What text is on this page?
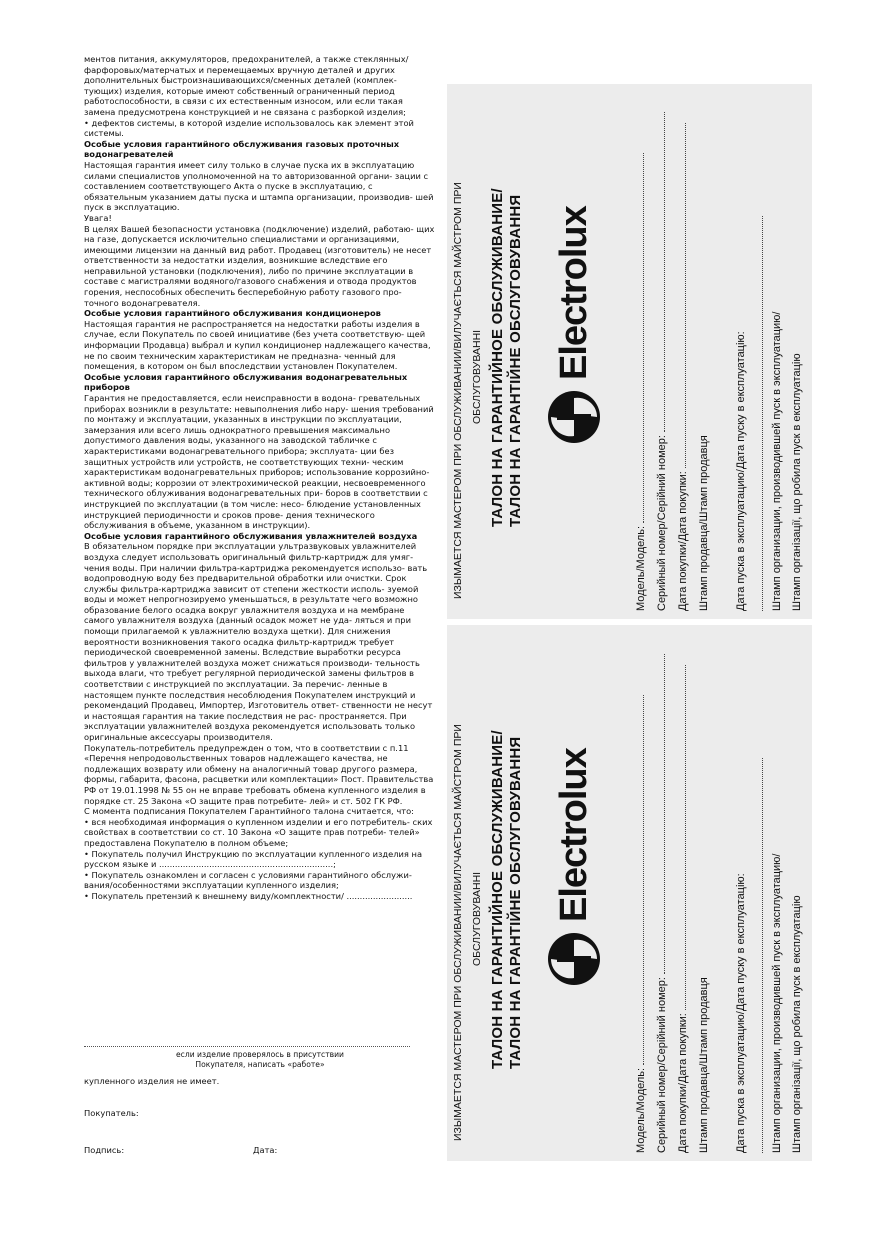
ментов питания, аккумуляторов, предохранителей, а также стеклянных/ фарфоровых/матерчатых и перемещаемых вручную деталей и других дополнительных быстроизнашивающихся/сменных деталей (комплек- тующих) изделия, которые имеют собственный ограниченный период работоспособности, в связи с их естественным износом, или если такая замена предусмотрена конструкцией и не связана с разборкой изделия;

• дефектов системы, в которой изделие использовалось как элемент этой системы.

Особые условия гарантийного обслуживания газовых проточных водонагревателей

Настоящая гарантия имеет силу только в случае пуска их в эксплуатацию силами специалистов уполномоченной на то авторизованной органи- зации с составлением соответствующего Акта о пуске в эксплуатацию, с обязательным указанием даты пуска и штампа организации, производив- шей пуск в эксплуатацию.

Увага!

В целях Вашей безопасности установка (подключение) изделий, работаю- щих на газе, допускается исключительно специалистами и организациями, имеющими лицензии на данный вид работ. Продавец (изготовитель) не несет ответственности за недостатки изделия, возникшие вследствие его неправильной установки (подключения), либо по причине эксплуатации в составе с магистралями водяного/газового снабжения и отвода продуктов горения, неспособных обеспечить бесперебойную работу газового про- точного водонагревателя.

Особые условия гарантийного обслуживания кондиционеров

Настоящая гарантия не распространяется на недостатки работы изделия в случае, если Покупатель по своей инициативе (без учета соответствую- щей информации Продавца) выбрал и купил кондиционер надлежащего качества, не по своим техническим характеристикам не предназна- ченный для помещения, в котором он был впоследствии установлен Покупателем.

Особые условия гарантийного обслуживания водонагревательных приборов

Гарантия не предоставляется, если неисправности в водона- гревательных приборах возникли в результате: невыполнения либо нару- шения требований по монтажу и эксплуатации, указанных в инструкции по эксплуатации, замерзания или всего лишь однократного превышения максимально допустимого давления воды, указанного на заводской табличке с характеристиками водонагревательного прибора; эксплуата- ции без защитных устройств или устройств, не соответствующих техни- ческим характеристикам водонагревательных приборов; использование коррозийно-активной воды; коррозии от электрохимической реакции, несвоевременного технического облуживания водонагревательных при- боров в соответствии с инструкцией по эксплуатации (в том числе: несо- блюдение установленных инструкцией периодичности и сроков прове- дения технического обслуживания в объеме, указанном в инструкции).

Особые условия гарантийного обслуживания увлажнителей воздуха

В обязательном порядке при эксплуатации ультразвуковых увлажнителей воздуха следует использовать оригинальный фильтр-картридж для умяг- чения воды. При наличии фильтра-картриджа рекомендуется использо- вать водопроводную воду без предварительной обработки или очистки. Срок службы фильтра-картриджа зависит от степени жесткости исполь- зуемой воды и может непрогнозируемо уменьшаться, в результате чего возможно образование белого осадка вокруг увлажнителя воздуха и на мембране самого увлажнителя воздуха (данный осадок может не уда- ляться и при помощи прилагаемой к увлажнителю воздуха щетки). Для снижения вероятности возникновения такого осадка фильтр-картридж требует периодической своевременной замены. Вследствие выработки ресурса фильтров у увлажнителей воздуха может снижаться производи- тельность выхода влаги, что требует регулярной периодической замены фильтров в соответствии с инструкцией по эксплуатации. За перечис- ленные в настоящем пункте последствия несоблюдения Покупателем инструкций и рекомендаций Продавец, Импортер, Изготовитель ответ- ственности не несут и настоящая гарантия на такие последствия не рас- пространяется. При эксплуатации увлажнителей воздуха рекомендуется использовать только оригинальные аксессуары производителя.

Покупатель-потребитель предупрежден о том, что в соответствии с п.11 «Перечня непродовольственных товаров надлежащего качества, не подлежащих возврату или обмену на аналогичный товар другого размера, формы, габарита, фасона, расцветки или комплектации» Пост. Правительства РФ от 19.01.1998 № 55 он не вправе требовать обмена купленного изделия в порядке ст. 25 Закона «О защите прав потребите- лей» и ст. 502 ГК РФ.

С момента подписания Покупателем Гарантийного талона считается, что:

• вся необходимая информация о купленном изделии и его потребитель- ских свойствах в соответствии со ст. 10 Закона «О защите прав потреби- телей» предоставлена Покупателю в полном объеме;

• Покупатель получил Инструкцию по эксплуатации купленного изделия на русском языке и ..................................................................;

• Покупатель ознакомлен и согласен с условиями гарантийного обслужи- вания/особенностями эксплуатации купленного изделия;

• Покупатель претензий к внешнему виду/комплектности/ .........................

если изделие проверялось в присутствии
Покупателя, написать «работе»
купленного изделия не имеет.
Покупатель:
Подпись:	Дата:
ИЗЫМАЕТСЯ МАСТЕРОМ ПРИ ОБСЛУЖИВАНИИ/ВИЛУЧАЄТЬСЯ МАЙСТРОМ ПРИ ОБСЛУГОВУВАННІ ТАЛОН НА ГАРАНТИЙНОЕ ОБСЛУЖИВАНИЕ/ ТАЛОН НА ГАРАНТІЙНЕ ОБСЛУГОВУВАННЯ Electrolux
Модель/Модель: Серийный номер/Серійний номер: Дата покупки/Дата покупки: Штамп продавца/Штамп продавця Дата пуска в эксплуатацию/Дата пуску в експлуатацію: Штамп организации, производившей пуск в эксплуатацию/ Штамп організації, що робила пуск в експлуатацію
ИЗЫМАЕТСЯ МАСТЕРОМ ПРИ ОБСЛУЖИВАНИИ/ВИЛУЧАЄТЬСЯ МАЙСТРОМ ПРИ ОБСЛУГОВУВАННІ ТАЛОН НА ГАРАНТИЙНОЕ ОБСЛУЖИВАНИЕ/ ТАЛОН НА ГАРАНТІЙНЕ ОБСЛУГОВУВАННЯ Electrolux
Модель/Модель: Серийный номер/Серійний номер: Дата покупки/Дата покупки: Штамп продавца/Штамп продавця Дата пуска в эксплуатацию/Дата пуску в експлуатацію: Штамп организации, производившей пуск в эксплуатацию/ Штамп організації, що робила пуск в експлуатацію
